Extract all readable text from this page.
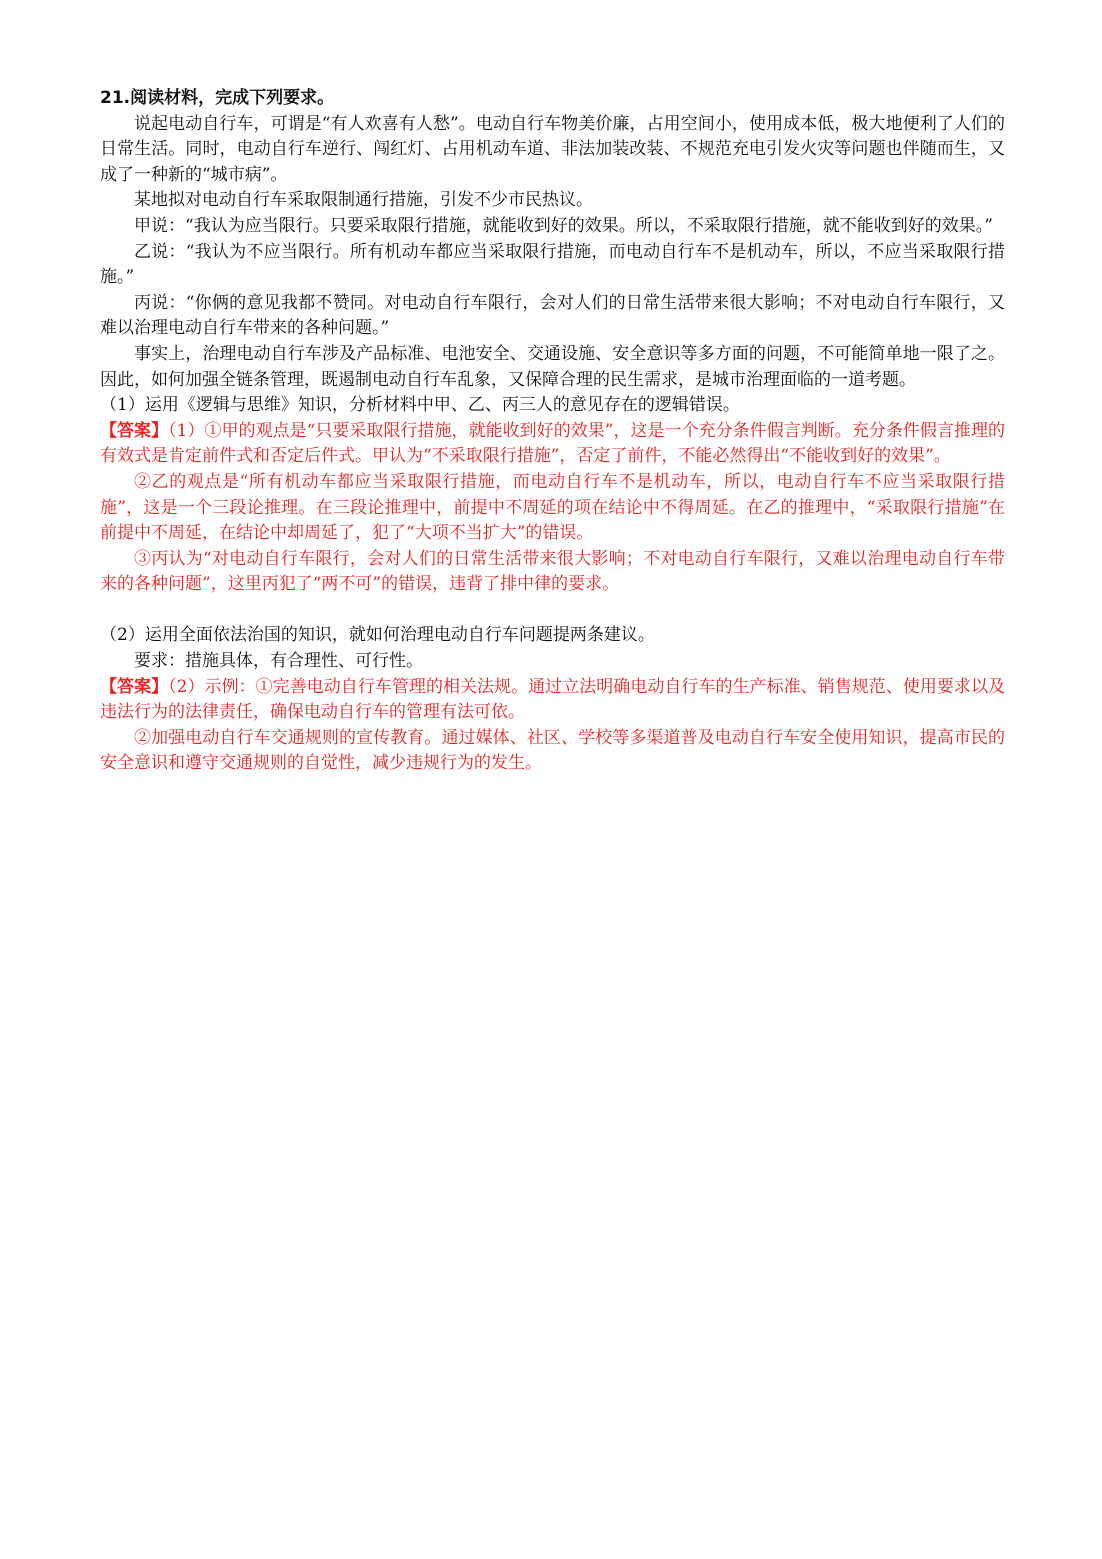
21.阅读材料，完成下列要求。

说起电动自行车，可谓是“有人欢喜有人愁”。电动自行车物美价廉，占用空间小，使用成本低，极大地便利了人们的日常生活。同时，电动自行车逆行、闯红灯、占用机动车道、非法加装改装、不规范充电引发火灾等问题也伴随而生，又成了一种新的“城市病”。

某地拟对电动自行车采取限制通行措施，引发不少市民热议。

甲说：“我认为应当限行。只要采取限行措施，就能收到好的效果。所以，不采取限行措施，就不能收到好的效果。”

乙说：“我认为不应当限行。所有机动车都应当采取限行措施，而电动自行车不是机动车，所以，不应当采取限行措施。”

丙说：“你俩的意见我都不赞同。对电动自行车限行，会对人们的日常生活带来很大影响；不对电动自行车限行，又难以治理电动自行车带来的各种问题。”

事实上，治理电动自行车涉及产品标准、电池安全、交通设施、安全意识等多方面的问题，不可能简单地一限了之。因此，如何加强全链条管理，既遏制电动自行车乱象，又保障合理的民生需求，是城市治理面临的一道考题。

（1）运用《逻辑与思维》知识，分析材料中甲、乙、丙三人的意见存在的逻辑错误。

【答案】（1）①甲的观点是“只要采取限行措施，就能收到好的效果”，这是一个充分条件假言判断。充分条件假言推理的有效式是肯定前件式和否定后件式。甲认为“不采取限行措施”，否定了前件，不能必然得出“不能收到好的效果”。

②乙的观点是“所有机动车都应当采取限行措施，而电动自行车不是机动车，所以，电动自行车不应当采取限行措施”，这是一个三段论推理。在三段论推理中，前提中不周延的项在结论中不得周延。在乙的推理中，“采取限行措施”在前提中不周延，在结论中却周延了，犯了“大项不当扩大”的错误。

③丙认为“对电动自行车限行，会对人们的日常生活带来很大影响；不对电动自行车限行，又难以治理电动自行车带来的各种问题”，这里丙犯了“两不可”的错误，违背了排中律的要求。

（2）运用全面依法治国的知识，就如何治理电动自行车问题提两条建议。

要求：措施具体，有合理性、可行性。

【答案】（2）示例：①完善电动自行车管理的相关法规。通过立法明确电动自行车的生产标准、销售规范、使用要求以及违法行为的法律责任，确保电动自行车的管理有法可依。

②加强电动自行车交通规则的宣传教育。通过媒体、社区、学校等多渠道普及电动自行车安全使用知识，提高市民的安全意识和遵守交通规则的自觉性，减少违规行为的发生。
